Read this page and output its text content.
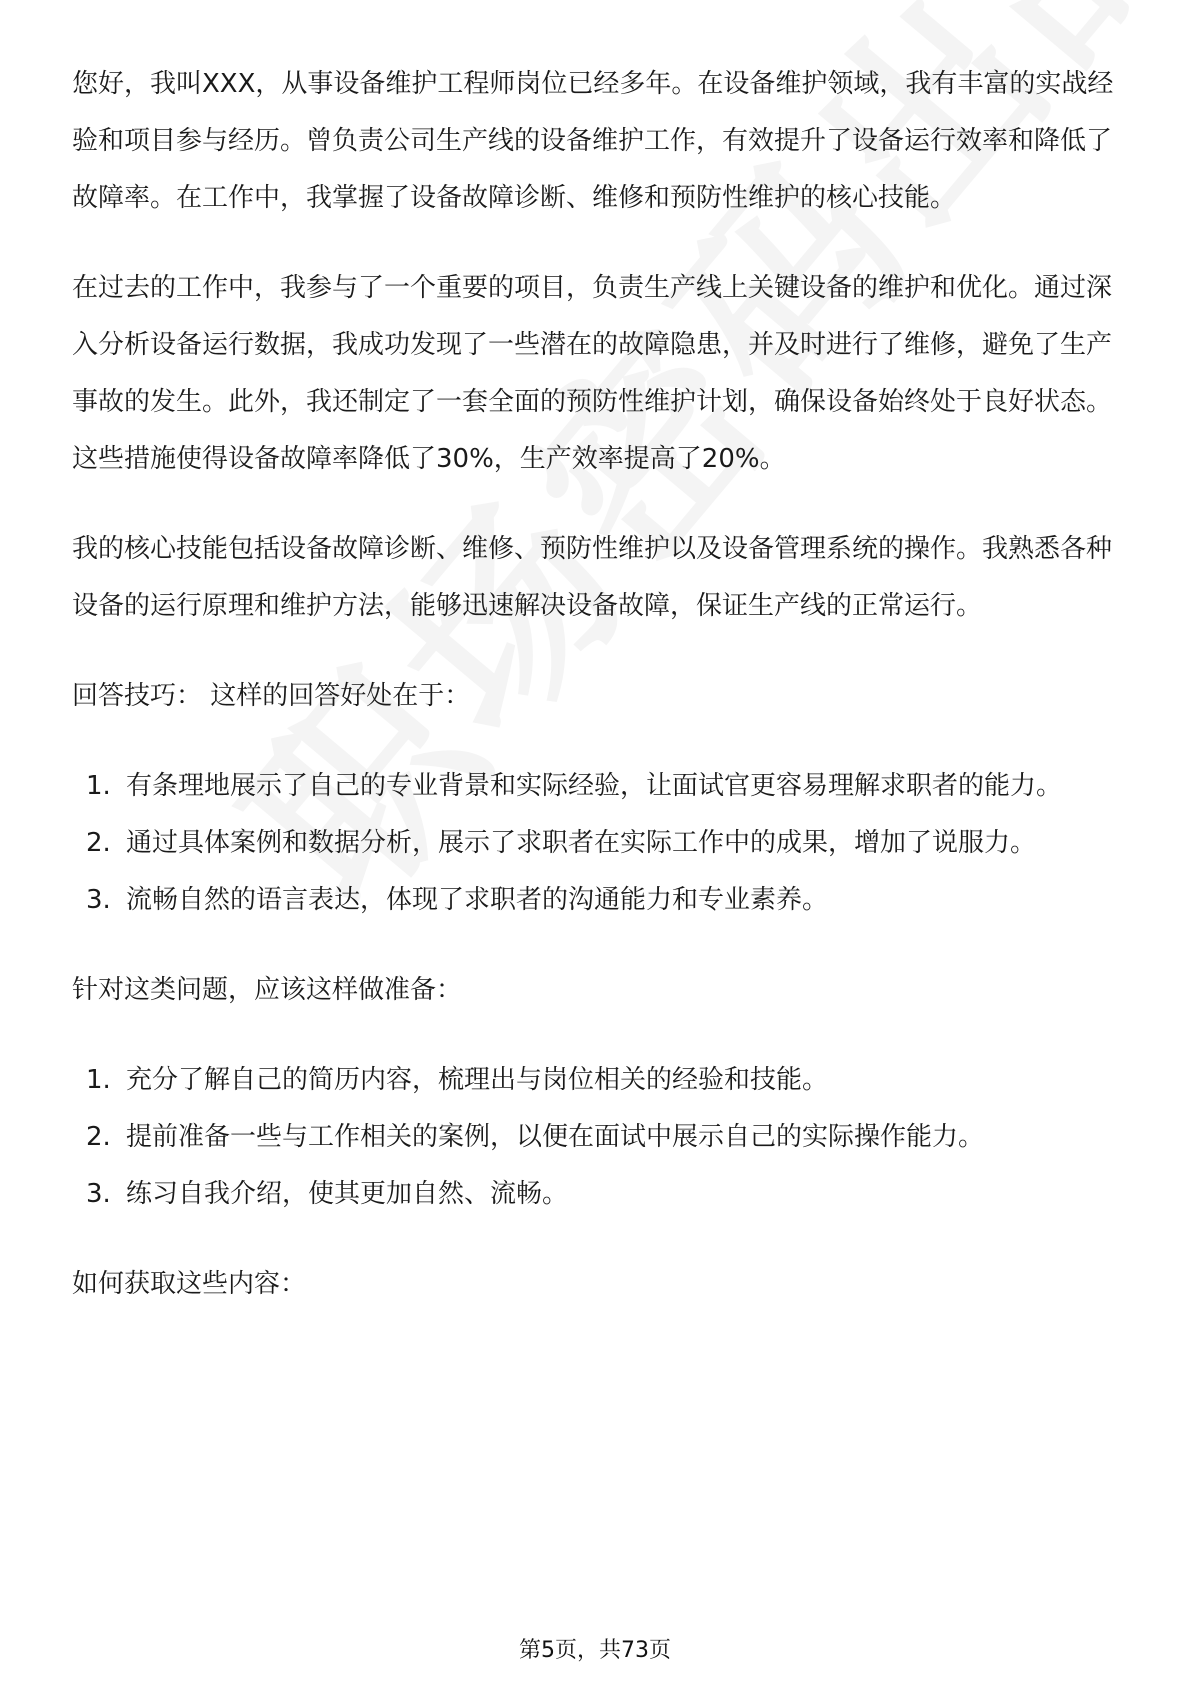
您好，我叫XXX，从事设备维护工程师岗位已经多年。在设备维护领域，我有丰富的实战经验和项目参与经历。曾负责公司生产线的设备维护工作，有效提升了设备运行效率和降低了故障率。在工作中，我掌握了设备故障诊断、维修和预防性维护的核心技能。

在过去的工作中，我参与了一个重要的项目，负责生产线上关键设备的维护和优化。通过深入分析设备运行数据，我成功发现了一些潜在的故障隐患，并及时进行了维修，避免了生产事故的发生。此外，我还制定了一套全面的预防性维护计划，确保设备始终处于良好状态。这些措施使得设备故障率降低了30%，生产效率提高了20%。

我的核心技能包括设备故障诊断、维修、预防性维护以及设备管理系统的操作。我熟悉各种设备的运行原理和维护方法，能够迅速解决设备故障，保证生产线的正常运行。

回答技巧： 这样的回答好处在于：

1. 有条理地展示了自己的专业背景和实际经验，让面试官更容易理解求职者的能力。
2. 通过具体案例和数据分析，展示了求职者在实际工作中的成果，增加了说服力。
3. 流畅自然的语言表达，体现了求职者的沟通能力和专业素养。

针对这类问题，应该这样做准备：

1. 充分了解自己的简历内容，梳理出与岗位相关的经验和技能。
2. 提前准备一些与工作相关的案例，以便在面试中展示自己的实际操作能力。
3. 练习自我介绍，使其更加自然、流畅。

如何获取这些内容：

第5页，共73页
